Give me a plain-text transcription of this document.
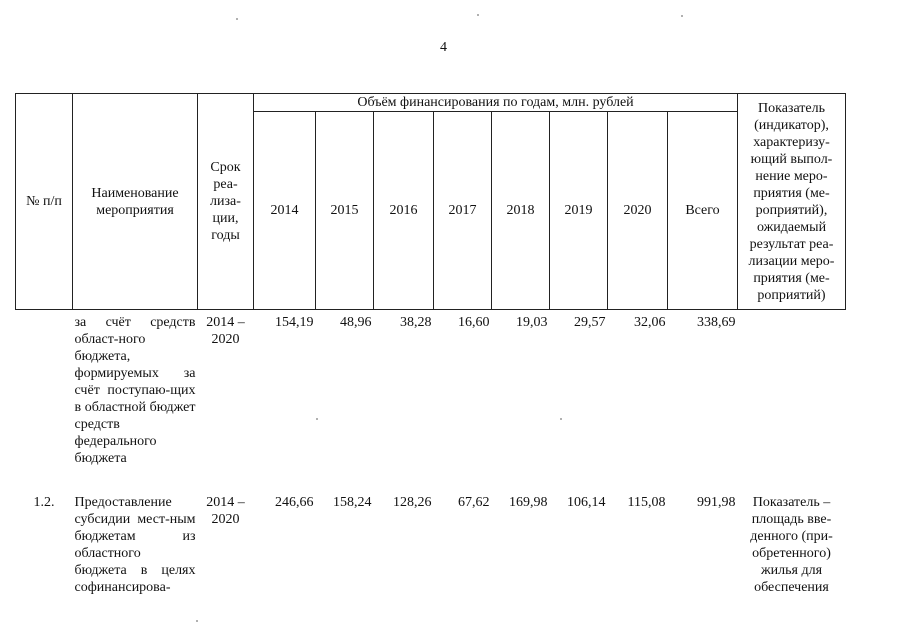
4
№ п/п	Наименование мероприятия	Срок реа-лиза-ции, годы	Объём финансирования по годам, млн. рублей								Показатель (индикатор), характеризу-ющий выпол-нение меро-приятия (ме-роприятий), ожидаемый результат реа-лизации меро-приятия (ме-роприятий)
			2014	2015	2016	2017	2018	2019	2020	Всего	
	за счёт средств област-ного бюджета, формируемых за счёт поступаю-щих в областной бюджет средств федерального бюджета	2014 – 2020	154,19	48,96	38,28	16,60	19,03	29,57	32,06	338,69	

1.2.	Предоставление субсидии мест-ным бюджетам из областного бюджета в целях софинансирова-	2014 – 2020	246,66	158,24	128,26	67,62	169,98	106,14	115,08	991,98	Показатель – площадь вве-денного (при-обретенного) жилья для обеспечения
